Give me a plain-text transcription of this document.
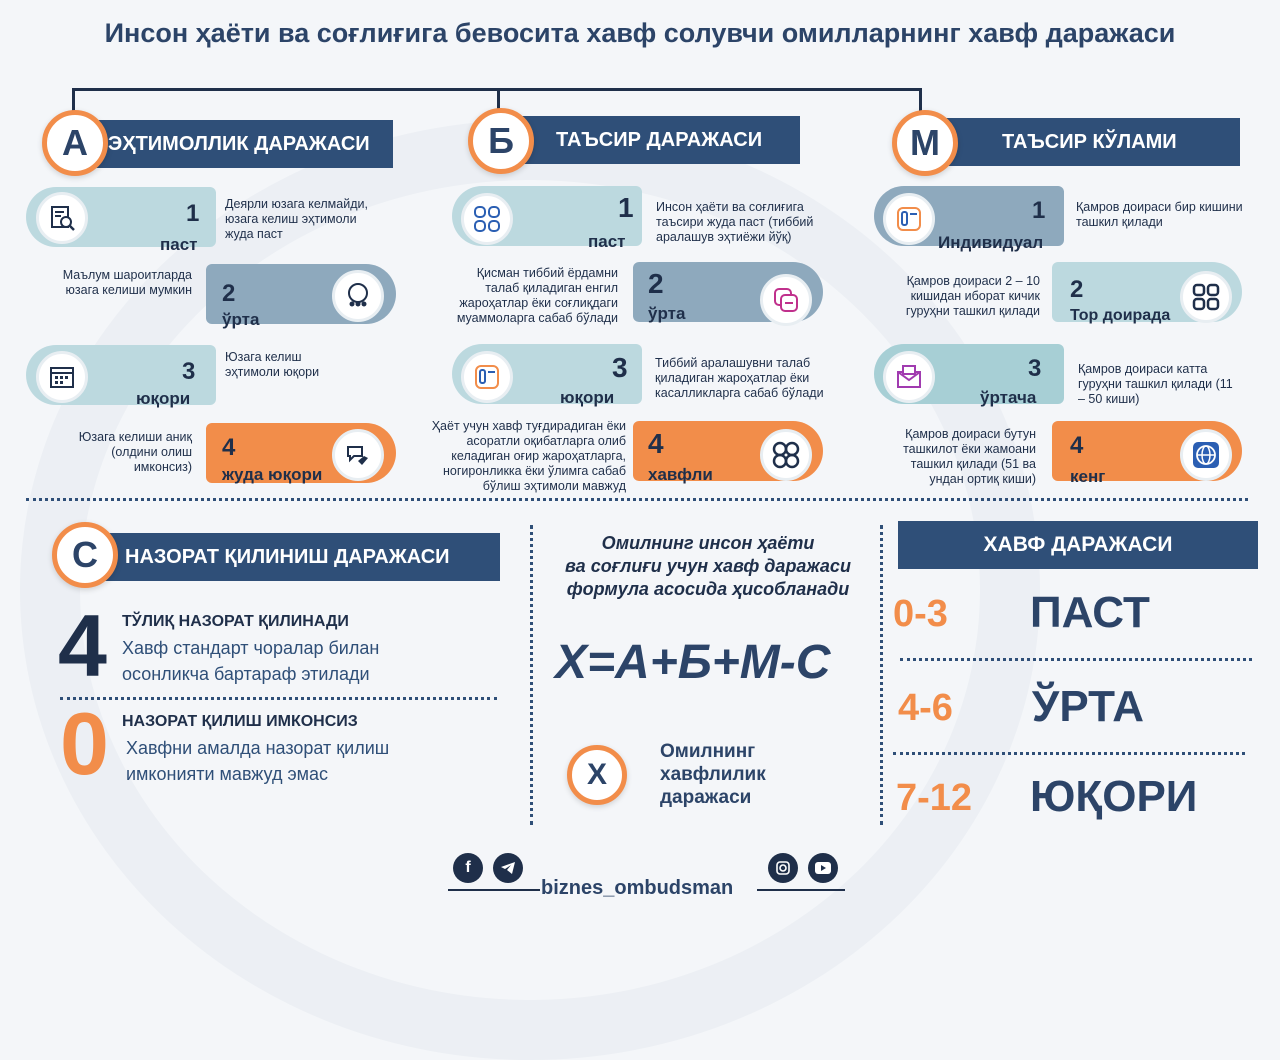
Инсон ҳаёти ва соғлиғига бевосита хавф солувчи омилларнинг хавф даражаси
ЭҲТИМОЛЛИК ДАРАЖАСИ
А
1
паст
Деярли юзага келмайди, юзага келиш эҳтимоли жуда паст
2
ўрта
Маълум шароитларда юзага келиши мумкин
3
юқори
Юзага келиш эҳтимоли юқори
4
жуда юқори
Юзага келиши аниқ (олдини олиш имконсиз)
ТАЪСИР ДАРАЖАСИ
Б
1
паст
Инсон ҳаёти ва соғлиғига таъсири жуда паст (тиббий аралашув эҳтиёжи йўқ)
2
ўрта
Қисман тиббий ёрдамни талаб қиладиган енгил жароҳатлар ёки соғлиқдаги муаммоларга сабаб бўлади
3
юқори
Тиббий аралашувни талаб қиладиган жароҳатлар ёки касалликларга сабаб бўлади
4
хавфли
Ҳаёт учун хавф туғдирадиган ёки асоратли оқибатларга олиб келадиган оғир жароҳатларга, ногиронликка ёки ўлимга сабаб бўлиш эҳтимоли мавжуд
ТАЪСИР КЎЛАМИ
М
1
Индивидуал
Қамров доираси бир кишини ташкил қилади
2
Тор доирада
Қамров доираси 2 – 10 кишидан иборат кичик гуруҳни ташкил қилади
3
ўртача
Қамров доираси катта гуруҳни ташкил қилади (11 – 50 киши)
4
кенг
Қамров доираси бутун ташкилот ёки жамоани ташкил қилади (51 ва ундан ортиқ киши)
НАЗОРАТ ҚИЛИНИШ ДАРАЖАСИ
С
4 ТЎЛИҚ НАЗОРАТ ҚИЛИНАДИ
Хавф стандарт чоралар билан
осонликча бартараф этилади
0 НАЗОРАТ ҚИЛИШ ИМКОНСИЗ
Хавфни амалда назорат қилиш
имконияти мавжуд эмас
Омилнинг инсон ҳаёти
ва соғлиғи учун хавф даражаси
формула асосида ҳисобланади
X=А+Б+М-С
X
Омилнинг
хавфлилик
даражаси
ХАВФ ДАРАЖАСИ
0-3 ПАСТ
4-6 ЎРТА
7-12 ЮҚОРИ
f
biznes_ombudsman
